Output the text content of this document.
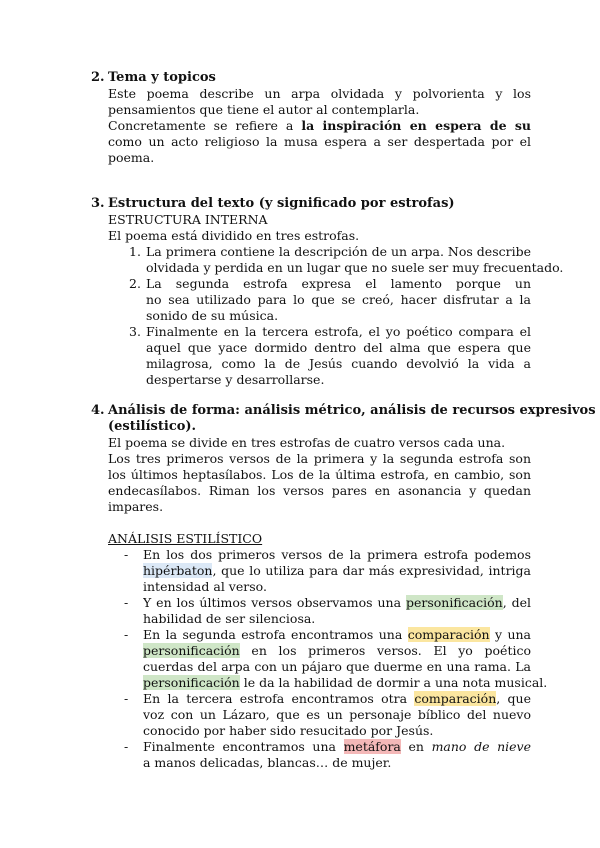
2. Tema y topicos
Este poema describe un arpa olvidada y polvorienta y los
pensamientos que tiene el autor al contemplarla.
Concretamente se refiere a la inspiración en espera de su
como un acto religioso la musa espera a ser despertada por el
poema.
3. Estructura del texto (y significado por estrofas)
ESTRUCTURA INTERNA
El poema está dividido en tres estrofas.
1. La primera contiene la descripción de un arpa. Nos describe
olvidada y perdida en un lugar que no suele ser muy frecuentado.
2. La segunda estrofa expresa el lamento porque un
no sea utilizado para lo que se creó, hacer disfrutar a la
sonido de su música.
3. Finalmente en la tercera estrofa, el yo poético compara el
aquel que yace dormido dentro del alma que espera que
milagrosa, como la de Jesús cuando devolvió la vida a
despertarse y desarrollarse.
4. Análisis de forma: análisis métrico, análisis de recursos expresivos
(estilístico).
El poema se divide en tres estrofas de cuatro versos cada una.
Los tres primeros versos de la primera y la segunda estrofa son
los últimos heptasílabos. Los de la última estrofa, en cambio, son
endecasílabos. Riman los versos pares en asonancia y quedan
impares.
ANÁLISIS ESTILÍSTICO
- En los dos primeros versos de la primera estrofa podemos
hipérbaton, que lo utiliza para dar más expresividad, intriga
intensidad al verso.
- Y en los últimos versos observamos una personificación, del
habilidad de ser silenciosa.
- En la segunda estrofa encontramos una comparación y una
personificación en los primeros versos. El yo poético
cuerdas del arpa con un pájaro que duerme en una rama. La
personificación le da la habilidad de dormir a una nota musical.
- En la tercera estrofa encontramos otra comparación, que
voz con un Lázaro, que es un personaje bíblico del nuevo
conocido por haber sido resucitado por Jesús.
- Finalmente encontramos una metáfora en mano de nieve
a manos delicadas, blancas… de mujer.
